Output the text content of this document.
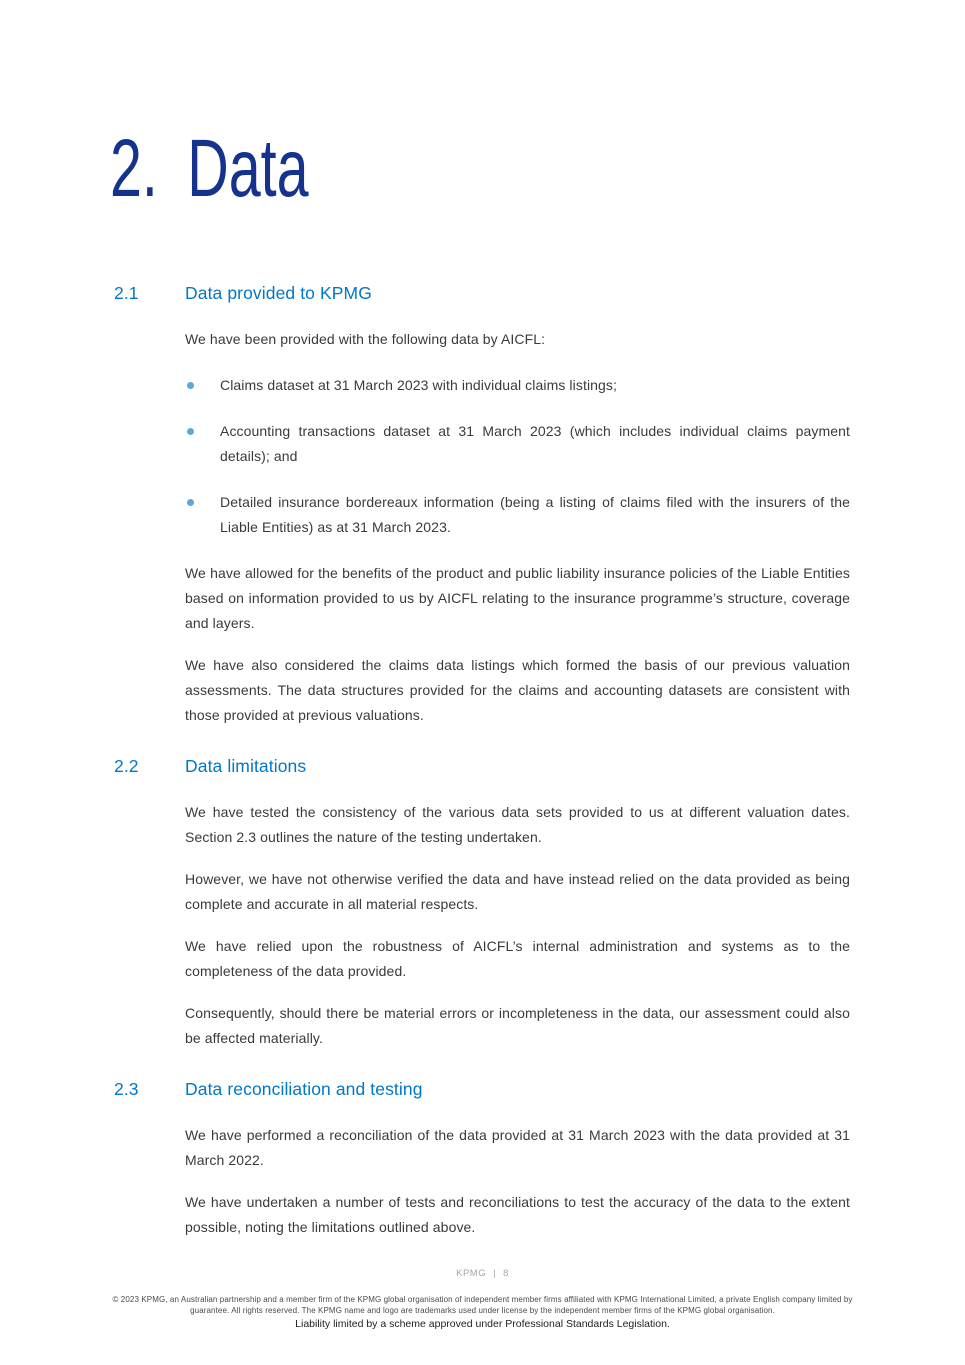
2. Data
2.1	Data provided to KPMG

We have been provided with the following data by AICFL:

Claims dataset at 31 March 2023 with individual claims listings;
Accounting transactions dataset at 31 March 2023 (which includes individual claims payment details); and
Detailed insurance bordereaux information (being a listing of claims filed with the insurers of the Liable Entities) as at 31 March 2023.

We have allowed for the benefits of the product and public liability insurance policies of the Liable Entities based on information provided to us by AICFL relating to the insurance programme’s structure, coverage and layers.

We have also considered the claims data listings which formed the basis of our previous valuation assessments. The data structures provided for the claims and accounting datasets are consistent with those provided at previous valuations.

2.2	Data limitations

We have tested the consistency of the various data sets provided to us at different valuation dates. Section 2.3 outlines the nature of the testing undertaken.

However, we have not otherwise verified the data and have instead relied on the data provided as being complete and accurate in all material respects.

We have relied upon the robustness of AICFL’s internal administration and systems as to the completeness of the data provided.

Consequently, should there be material errors or incompleteness in the data, our assessment could also be affected materially.

2.3	Data reconciliation and testing

We have performed a reconciliation of the data provided at 31 March 2023 with the data provided at 31 March 2022.

We have undertaken a number of tests and reconciliations to test the accuracy of the data to the extent possible, noting the limitations outlined above.

KPMG | 8
© 2023 KPMG, an Australian partnership and a member firm of the KPMG global organisation of independent member firms affiliated with KPMG International Limited, a private English company limited by guarantee. All rights reserved. The KPMG name and logo are trademarks used under license by the independent member firms of the KPMG global organisation.
Liability limited by a scheme approved under Professional Standards Legislation.
